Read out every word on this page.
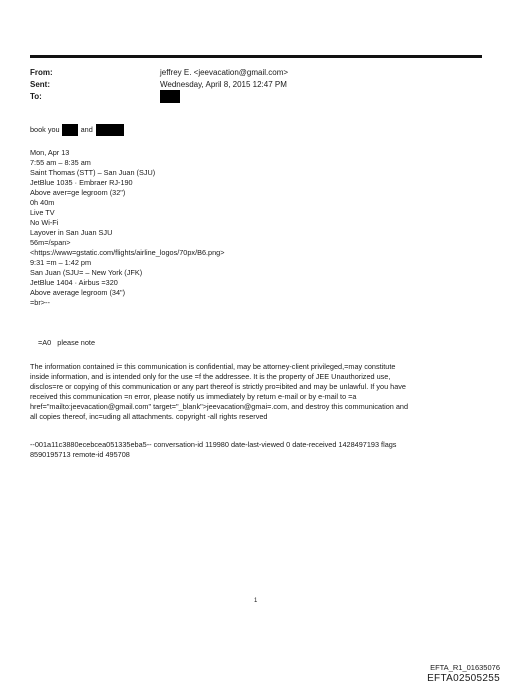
From:	jeffrey E. <jeevacation@gmail.com>
Sent:	Wednesday, April 8, 2015 12:47 PM
To:
book you	and
Mon, Apr 13
7:55 am – 8:35 am
Saint Thomas (STT) – San Juan (SJU)
JetBlue 1035 · Embraer RJ-190
Above aver=ge legroom (32")
0h 40m
Live TV
No Wi-Fi
Layover in San Juan SJU
56m=/span>
<https://www=gstatic.com/flights/airline_logos/70px/B6.png>
9:31 =m – 1:42 pm
San Juan (SJU= – New York (JFK)
JetBlue 1404 · Airbus =320
Above average legroom (34")
=br>--
=A0   please note
The information contained i= this communication is confidential, may be attorney-client privileged,=may constitute
inside information, and is intended only for the use =f the addressee. It is the property of JEE Unauthorized use,
disclos=re or copying of this communication or any part thereof is strictly pro=ibited and may be unlawful. If you have
received this communication =n error, please notify us immediately by return e-mail or by e-mail to =a
href="mailto:jeevacation@gmail.com" target="_blank">jeevacation@gmai=.com, and destroy this communication and
all copies thereof, inc=uding all attachments. copyright -all rights reserved
--001a11c3880ecebcea051335eba5-- conversation-id 119980 date-last-viewed 0 date-received 1428497193 flags
8590195713 remote-id 495708
1
EFTA_R1_01635076
EFTA02505255
